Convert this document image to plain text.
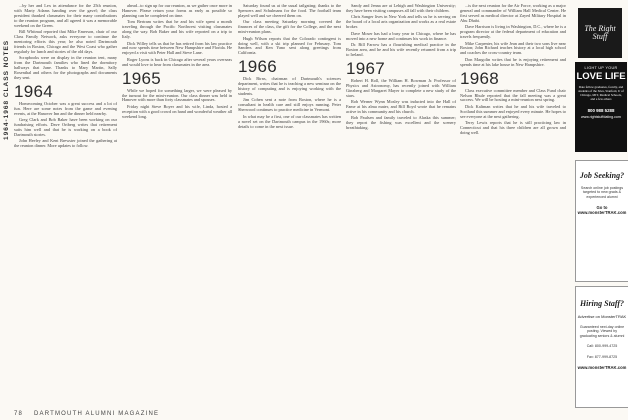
1964-1968 CLASS NOTES

...by her and Lex in attendance for the 25th reunion, with Marty Adams handing over the gavel; the class president thanked classmates for their many contributions to the reunion program, and all agreed it was a memorable weekend on the Green.

Bill Whitmal reported that Mike Emerson, chair of our Class Family Network, asks everyone to continue the mentoring efforts this year; he also noted Dartmouth friends in Boston, Chicago and the West Coast who gather regularly for lunch and stories of the old days.

Scrapbooks were on display in the reunion tent, many from the Dartmouth families who lined the dormitory hallways that June. Thanks to Mary Martin, Sally Rosenthal and others for the photographs and documents they sent.

1964

Homecoming October was a great success and a lot of fun. Here are some notes from the game and evening events, at the Hanover Inn and the dinner held nearby.

Greg Clark and Bob Baker have been working on our fundraising efforts. Dave Ortberg writes that retirement suits him well and that he is working on a book of Dartmouth stories.

John Heeley and Kent Brewster joined the gathering at the reunion dinner. More updates to follow.

ahead...to sign up for our reunion, as we gather once more in Hanover. Please return your forms as early as possible so planning can be completed on time.

Tom Bertram writes that he and his wife spent a month traveling through the Pacific Northwest visiting classmates along the way. Bob Baker and his wife reported on a trip to Italy.

Dick Willey tells us that he has retired from his law practice and now spends time between New Hampshire and Florida. He enjoyed a visit with Peter Hall and Steve Lane.

Roger Lyons is back in Chicago after several years overseas and would love to hear from classmates in the area.

1965

While we hoped for something larger, we were pleased by the turnout for the mini-reunion. Our class dinner was held in Hanover with more than forty classmates and spouses.

Friday night Steve Boyer and his wife, Linda, hosted a reception with a good crowd on hand and wonderful weather all weekend long.

Saturday found us at the usual tailgating; thanks to the Spencers and Schulmans for the food. The football team played well and we cheered them on.

Our class meeting Saturday morning covered the finances of the class, the gift for the College, and the next mini-reunion plans.

Hugh Wilson reports that the Colorado contingent is doing well, with a ski trip planned for February. Tom Sanders and Ken Yano sent along greetings from California.

1966

Dick Birns, chairman of Dartmouth's sciences department, writes that he is teaching a new seminar on the history of computing and is enjoying working with the students.

Jim Cohen sent a note from Boston, where he is a consultant in health care and still enjoys running. Peter Sherwood continues to practice medicine in Vermont.

In what may be a first, one of our classmates has written a novel set on the Dartmouth campus in the 1960s; more details to come in the next issue.

Sandy and Jenna are at Lehigh and Washington University; they have been visiting campuses all fall with their children.

Chris Sanger lives in New York and tells us he is serving on the board of a local arts organization and works as a real estate broker.

Dave Moser has had a busy year in Chicago, where he has moved into a new home and continues his work in finance.

Dr. Bill Farrow has a flourishing medical practice in the Boston area, and he and his wife recently returned from a trip to Ireland.

1967

Robert H. Roll, the William H. Bowman Jr. Professor of Physics and Astronomy, has recently joined with William Ginzberg and Margaret Mayer to complete a new study of the stars.

Rob Werner Wynn Mosley was inducted into the Hall of Fame at his alma mater, and Bill Boyd wrote that he remains active in his community and his church.

Bob Paulsen and family traveled to Alaska this summer; they report the fishing was excellent and the scenery breathtaking.

...is the next reunion for the Air Force, working as a major general and commander of William Hall Medical Center. He first served as medical director at Zayed Military Hospital in Abu Dhabi.

Dave Harrison is living in Washington, D.C., where he is a program director at the federal department of education and travels frequently.

Mike Carpenter, his wife Jean and their two sons live near Boston; John Richard teaches history at a local high school and coaches the cross-country team.

Don Margolin writes that he is enjoying retirement and spends time at his lake house in New Hampshire.

1968

Class executive committee member and Class Fund chair Nelson Rhule reported that the fall meeting was a great success. We will be hosting a mini-reunion next spring.

Dick Kaltman writes that he and his wife traveled to Scotland this summer and enjoyed every minute. He hopes to see everyone at the next gathering.

Terry Lewis reports that he is still practicing law in Connecticut and that his three children are all grown and doing well.

78 DARTMOUTH ALUMNI MAGAZINE
The Right Stuff
LIGHT UP YOUR
LOVE LIFE
Date fellow graduates, faculty, and students of the Ivies, Stanford, U of Chicago, MIT, Medical Schools, and a few others
800 988 5288
www.rightstuffdating.com
Job Seeking?
Search online job postings targeted to new grads & experienced alumni
Go to www.monsterTRAK.com
Hiring Staff?
Advertise on MonsterTRAK
Guaranteed next-day online posting. Viewed by graduating seniors & alumni
Call: 800-999-4725
Fax: 877-999-8725
www.monsterTRAK.com
